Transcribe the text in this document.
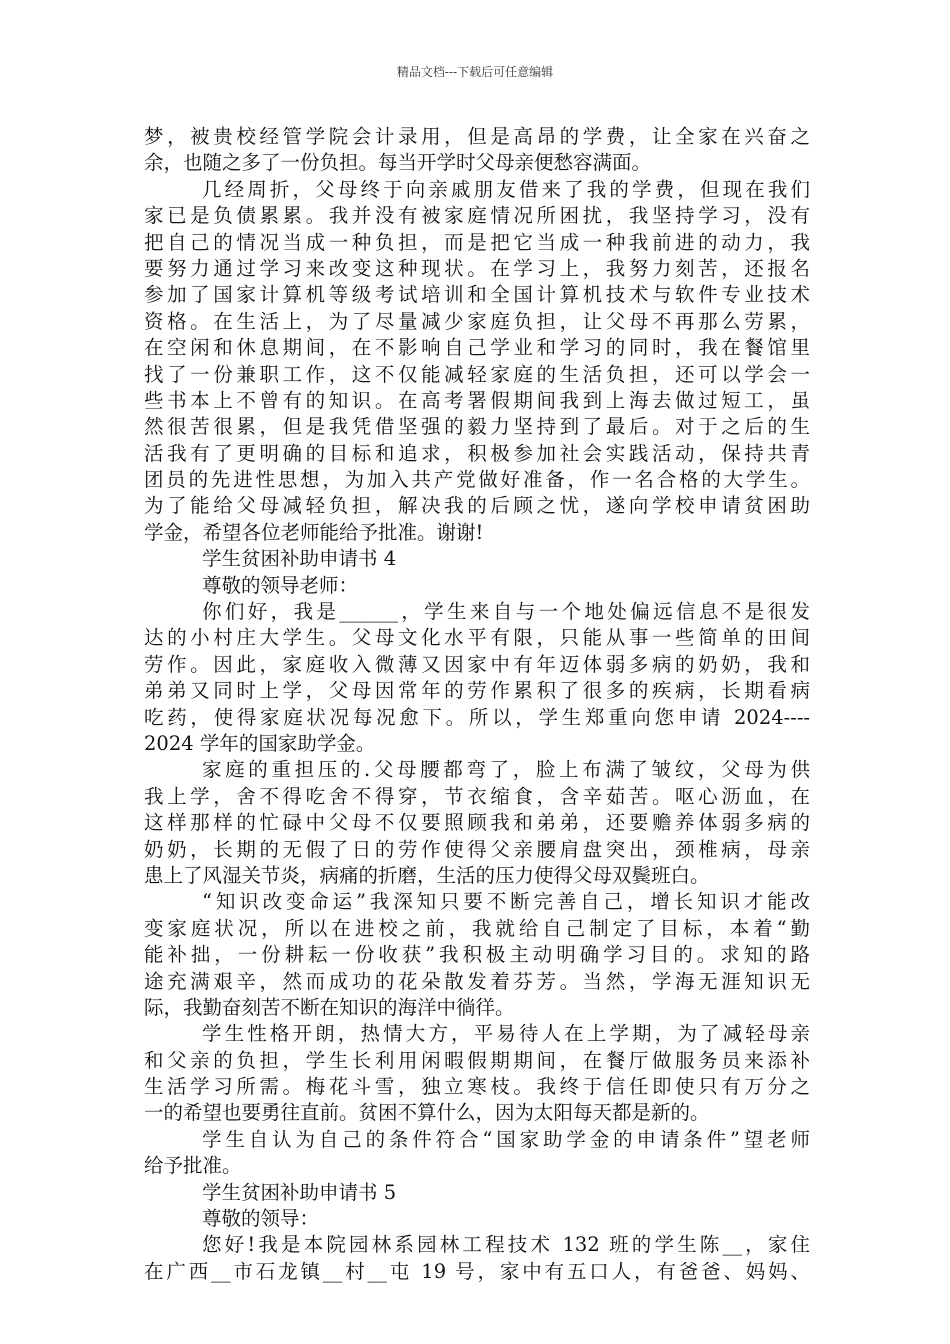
精品文档---下载后可任意编辑
梦，被贵校经管学院会计录用，但是高昂的学费，让全家在兴奋之
余，也随之多了一份负担。每当开学时父母亲便愁容满面。
几经周折，父母终于向亲戚朋友借来了我的学费，但现在我们
家已是负债累累。我并没有被家庭情况所困扰，我坚持学习，没有
把自己的情况当成一种负担，而是把它当成一种我前进的动力，我
要努力通过学习来改变这种现状。在学习上，我努力刻苦，还报名
参加了国家计算机等级考试培训和全国计算机技术与软件专业技术
资格。在生活上，为了尽量减少家庭负担，让父母不再那么劳累，
在空闲和休息期间，在不影响自己学业和学习的同时，我在餐馆里
找了一份兼职工作，这不仅能减轻家庭的生活负担，还可以学会一
些书本上不曾有的知识。在高考署假期间我到上海去做过短工，虽
然很苦很累，但是我凭借坚强的毅力坚持到了最后。对于之后的生
活我有了更明确的目标和追求，积极参加社会实践活动，保持共青
团员的先进性思想，为加入共产党做好准备，作一名合格的大学生。
为了能给父母减轻负担，解决我的后顾之忧，遂向学校申请贫困助
学金，希望各位老师能给予批准。谢谢!
学生贫困补助申请书 4
尊敬的领导老师：
你们好，我是______，学生来自与一个地处偏远信息不是很发
达的小村庄大学生。父母文化水平有限，只能从事一些简单的田间
劳作。因此，家庭收入微薄又因家中有年迈体弱多病的奶奶，我和
弟弟又同时上学，父母因常年的劳作累积了很多的疾病，长期看病
吃药，使得家庭状况每况愈下。所以，学生郑重向您申请 2024----
2024 学年的国家助学金。
家庭的重担压的.父母腰都弯了，脸上布满了皱纹，父母为供
我上学，舍不得吃舍不得穿，节衣缩食，含辛茹苦。呕心沥血，在
这样那样的忙碌中父母不仅要照顾我和弟弟，还要赡养体弱多病的
奶奶，长期的无假了日的劳作使得父亲腰肩盘突出，颈椎病，母亲
患上了风湿关节炎，病痛的折磨，生活的压力使得父母双鬓班白。
“知识改变命运”我深知只要不断完善自己，增长知识才能改
变家庭状况，所以在进校之前，我就给自己制定了目标，本着“勤
能补拙，一份耕耘一份收获”我积极主动明确学习目的。求知的路
途充满艰辛，然而成功的花朵散发着芬芳。当然，学海无涯知识无
际，我勤奋刻苦不断在知识的海洋中徜徉。
学生性格开朗，热情大方，平易待人在上学期，为了减轻母亲
和父亲的负担，学生长利用闲暇假期期间，在餐厅做服务员来添补
生活学习所需。梅花斗雪，独立寒枝。我终于信任即使只有万分之
一的希望也要勇往直前。贫困不算什么，因为太阳每天都是新的。
学生自认为自己的条件符合“国家助学金的申请条件”望老师
给予批准。
学生贫困补助申请书 5
尊敬的领导：
您好!我是本院园林系园林工程技术 132 班的学生陈__，家住
在广西__市石龙镇__村__屯 19 号，家中有五口人，有爸爸、妈妈、
